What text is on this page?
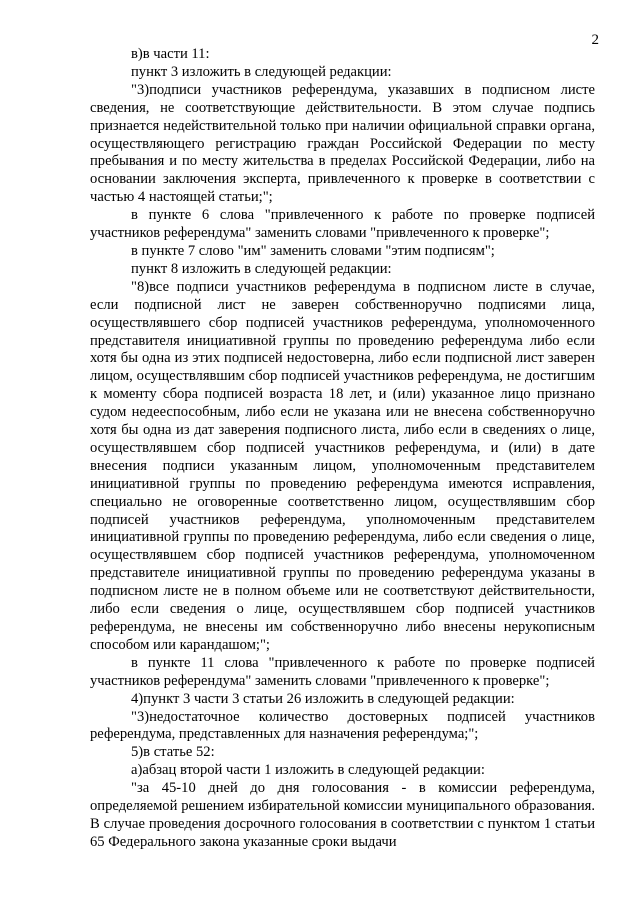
2

в)в части 11:

пункт 3 изложить в следующей редакции:

"3)подписи участников референдума, указавших в подписном листе сведения, не соответствующие действительности. В этом случае подпись признается недействительной только при наличии официальной справки органа, осуществляющего регистрацию граждан Российской Федерации по месту пребывания и по месту жительства в пределах Российской Федерации, либо на основании заключения эксперта, привлеченного к проверке в соответствии с частью 4 настоящей статьи;";

в пункте 6 слова "привлеченного к работе по проверке подписей участников референдума" заменить словами "привлеченного к проверке";

в пункте 7 слово "им" заменить словами "этим подписям";

пункт 8 изложить в следующей редакции:

"8)все подписи участников референдума в подписном листе в случае, если подписной лист не заверен собственноручно подписями лица, осуществлявшего сбор подписей участников референдума, уполномоченного представителя инициативной группы по проведению референдума либо если хотя бы одна из этих подписей недостоверна, либо если подписной лист заверен лицом, осуществлявшим сбор подписей участников референдума, не достигшим к моменту сбора подписей возраста 18 лет, и (или) указанное лицо признано судом недееспособным, либо если не указана или не внесена собственноручно хотя бы одна из дат заверения подписного листа, либо если в сведениях о лице, осуществлявшем сбор подписей участников референдума, и (или) в дате внесения подписи указанным лицом, уполномоченным представителем инициативной группы по проведению референдума имеются исправления, специально не оговоренные соответственно лицом, осуществлявшим сбор подписей участников референдума, уполномоченным представителем инициативной группы по проведению референдума, либо если сведения о лице, осуществлявшем сбор подписей участников референдума, уполномоченном представителе инициативной группы по проведению референдума указаны в подписном листе не в полном объеме или не соответствуют действительности, либо если сведения о лице, осуществлявшем сбор подписей участников референдума, не внесены им собственноручно либо внесены нерукописным способом или карандашом;";

в пункте 11 слова "привлеченного к работе по проверке подписей участников референдума" заменить словами "привлеченного к проверке";

4)пункт 3 части 3 статьи 26 изложить в следующей редакции:

"3)недостаточное количество достоверных подписей участников референдума, представленных для назначения референдума;";

5)в статье 52:

а)абзац второй части 1 изложить в следующей редакции:

"за 45-10 дней до дня голосования - в комиссии референдума, определяемой решением избирательной комиссии муниципального образования. В случае проведения досрочного голосования в соответствии с пунктом 1 статьи 65 Федерального закона указанные сроки выдачи
